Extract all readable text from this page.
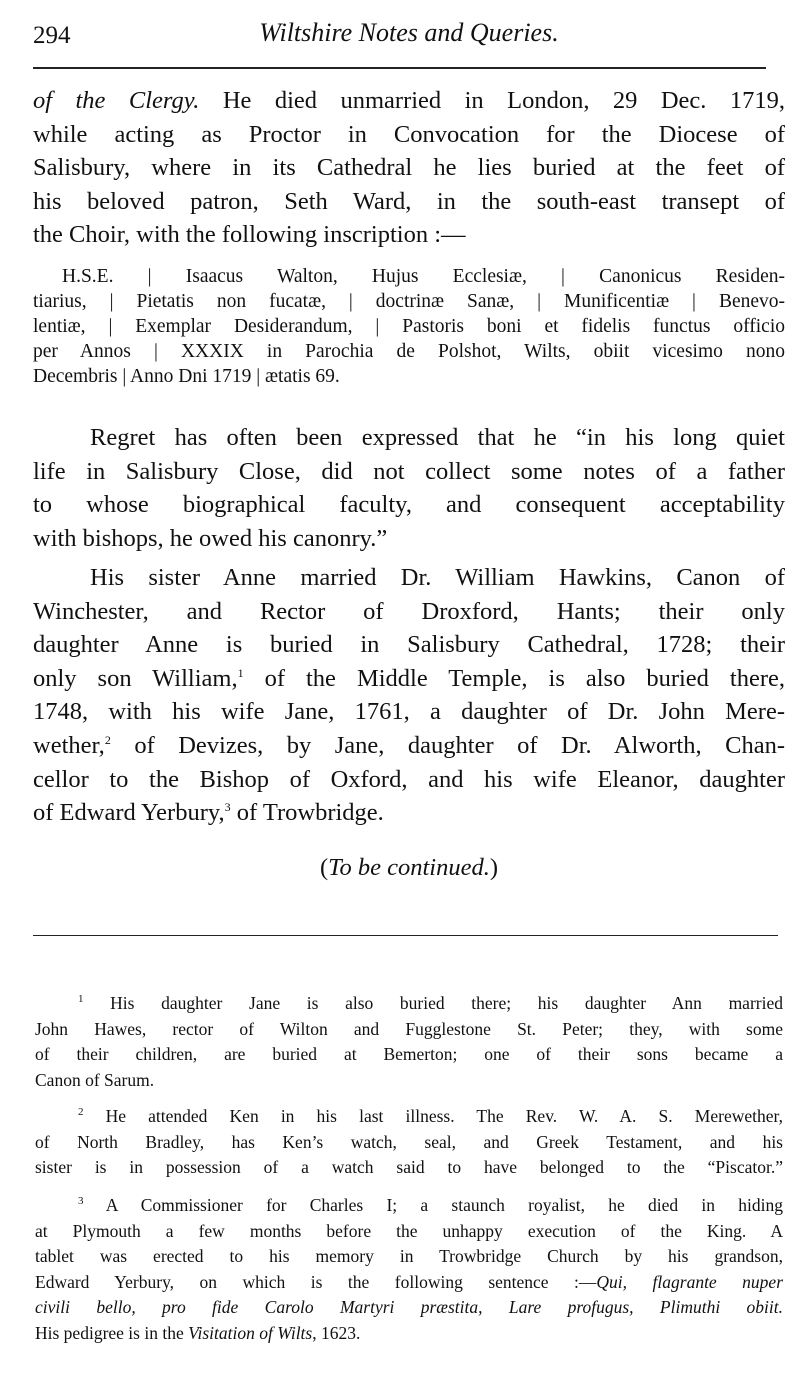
294	Wiltshire Notes and Queries.
of the Clergy. He died unmarried in London, 29 Dec. 1719,
while acting as Proctor in Convocation for the Diocese of
Salisbury, where in its Cathedral he lies buried at the feet of
his beloved patron, Seth Ward, in the south-east transept of
the Choir, with the following inscription :—
H.S.E. | Isaacus Walton, Hujus Ecclesiæ, | Canonicus Residen-
tiarius, | Pietatis non fucatæ, | doctrinæ Sanæ, | Munificentiæ | Benevo-
lentiæ, | Exemplar Desiderandum, | Pastoris boni et fidelis functus officio
per Annos | XXXIX in Parochia de Polshot, Wilts, obiit vicesimo nono
Decembris | Anno Dni 1719 | ætatis 69.
Regret has often been expressed that he “in his long quiet
life in Salisbury Close, did not collect some notes of a father
to whose biographical faculty, and consequent acceptability
with bishops, he owed his canonry.”
His sister Anne married Dr. William Hawkins, Canon of
Winchester, and Rector of Droxford, Hants; their only
daughter Anne is buried in Salisbury Cathedral, 1728; their
only son William,$^1$ of the Middle Temple, is also buried there,
1748, with his wife Jane, 1761, a daughter of Dr. John Mere-
wether,$^2$ of Devizes, by Jane, daughter of Dr. Alworth, Chan-
cellor to the Bishop of Oxford, and his wife Eleanor, daughter
of Edward Yerbury,$^3$ of Trowbridge.
(To be continued.)
$^1$ His daughter Jane is also buried there; his daughter Ann married
John Hawes, rector of Wilton and Fugglestone St. Peter; they, with some
of their children, are buried at Bemerton; one of their sons became a
Canon of Sarum.
$^2$ He attended Ken in his last illness. The Rev. W. A. S. Merewether,
of North Bradley, has Ken’s watch, seal, and Greek Testament, and his
sister is in possession of a watch said to have belonged to the “Piscator.”
$^3$ A Commissioner for Charles I; a staunch royalist, he died in hiding
at Plymouth a few months before the unhappy execution of the King. A
tablet was erected to his memory in Trowbridge Church by his grandson,
Edward Yerbury, on which is the following sentence :—Qui, flagrante nuper
civili bello, pro fide Carolo Martyri præstita, Lare profugus, Plimuthi obiit.
His pedigree is in the Visitation of Wilts, 1623.
